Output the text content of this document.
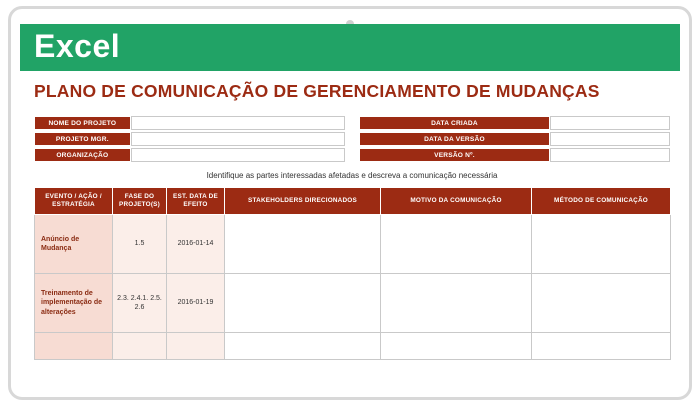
Excel
PLANO DE COMUNICAÇÃO DE GERENCIAMENTO DE MUDANÇAS
NOME DO PROJETO	DATA CRIADA
PROJETO MGR.	DATA DA VERSÃO
ORGANIZAÇÃO	VERSÃO Nº.
Identifique as partes interessadas afetadas e descreva a comunicação necessária
EVENTO / AÇÃO / ESTRATÉGIA	FASE DO PROJETO(S)	EST. DATA DE EFEITO	STAKEHOLDERS DIRECIONADOS	MOTIVO DA COMUNICAÇÃO	MÉTODO DE COMUNICAÇÃO
Anúncio de Mudança	1.5	2016-01-14			
Treinamento de implementação de alterações	2.3. 2.4.1. 2.5. 2.6	2016-01-19			
